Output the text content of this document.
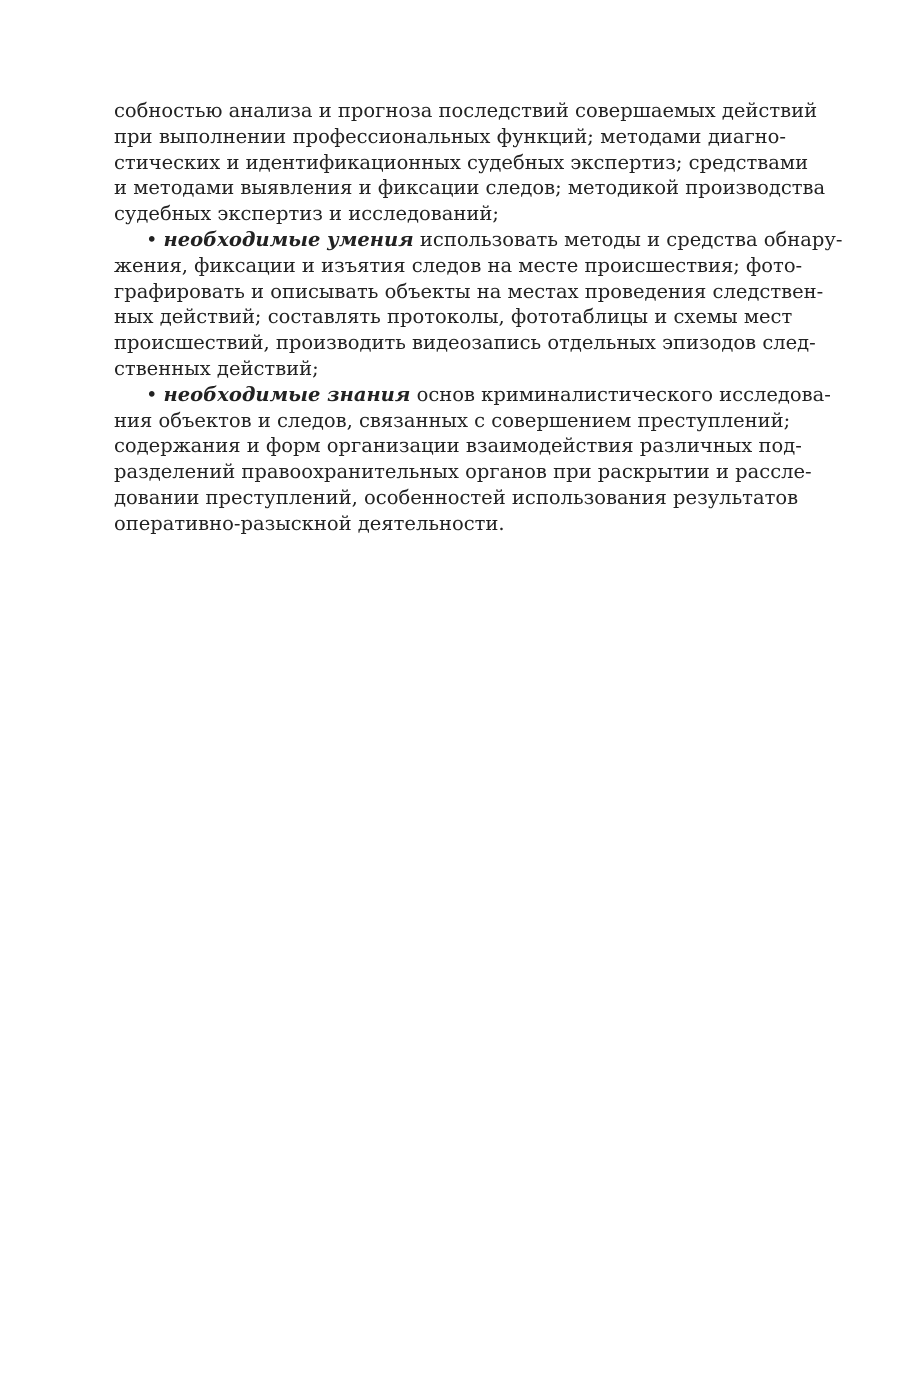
собностью анализа и прогноза последствий совершаемых действий
при выполнении профессиональных функций; методами диагно-
стических и идентификационных судебных экспертиз; средствами
и методами выявления и фиксации следов; методикой производства
судебных экспертиз и исследований;
• необходимые умения использовать методы и средства обнару-
жения, фиксации и изъятия следов на месте происшествия; фото-
графировать и описывать объекты на местах проведения следствен-
ных действий; составлять протоколы, фототаблицы и схемы мест
происшествий, производить видеозапись отдельных эпизодов след-
ственных действий;
• необходимые знания основ криминалистического исследова-
ния объектов и следов, связанных с совершением преступлений;
содержания и форм организации взаимодействия различных под-
разделений правоохранительных органов при раскрытии и рассле-
довании преступлений, особенностей использования результатов
оперативно-разыскной деятельности.
